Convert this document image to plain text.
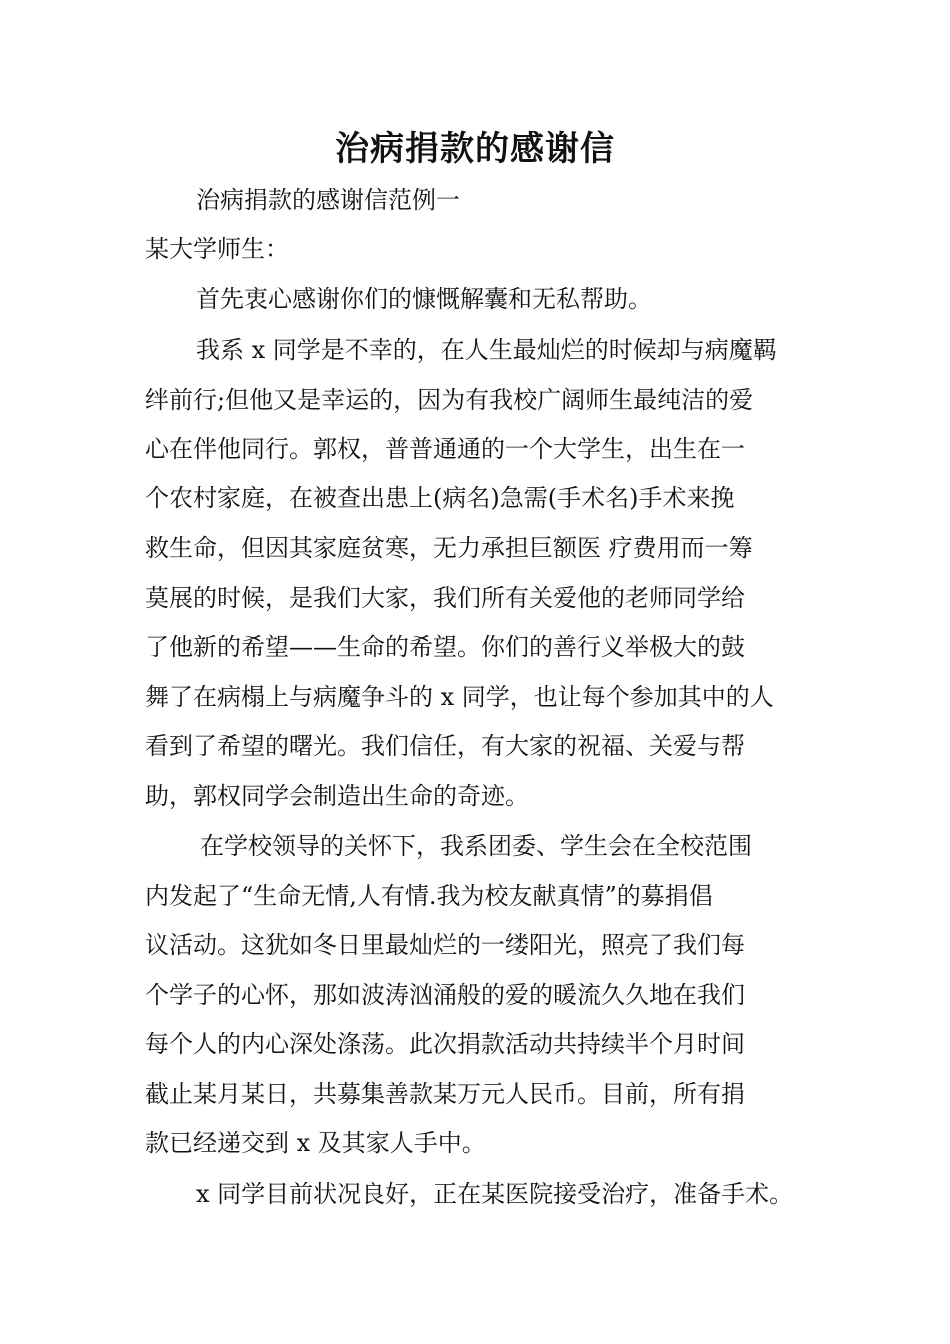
治病捐款的感谢信
治病捐款的感谢信范例一
某大学师生：
首先衷心感谢你们的慷慨解囊和无私帮助。
我系 x 同学是不幸的，在人生最灿烂的时候却与病魔羁
绊前行;但他又是幸运的，因为有我校广阔师生最纯洁的爱
心在伴他同行。郭权，普普通通的一个大学生，出生在一
个农村家庭，在被查出患上(病名)急需(手术名)手术来挽
救生命，但因其家庭贫寒，无力承担巨额医 疗费用而一筹
莫展的时候，是我们大家，我们所有关爱他的老师同学给
了他新的希望——生命的希望。你们的善行义举极大的鼓
舞了在病榻上与病魔争斗的 x 同学，也让每个参加其中的人
看到了希望的曙光。我们信任，有大家的祝福、关爱与帮
助，郭权同学会制造出生命的奇迹。
在学校领导的关怀下，我系团委、学生会在全校范围
内发起了“生命无情,人有情.我为校友献真情”的募捐倡
议活动。这犹如冬日里最灿烂的一缕阳光，照亮了我们每
个学子的心怀，那如波涛汹涌般的爱的暖流久久地在我们
每个人的内心深处涤荡。此次捐款活动共持续半个月时间
截止某月某日，共募集善款某万元人民币。目前，所有捐
款已经递交到 x 及其家人手中。
x 同学目前状况良好，正在某医院接受治疗，准备手术。
